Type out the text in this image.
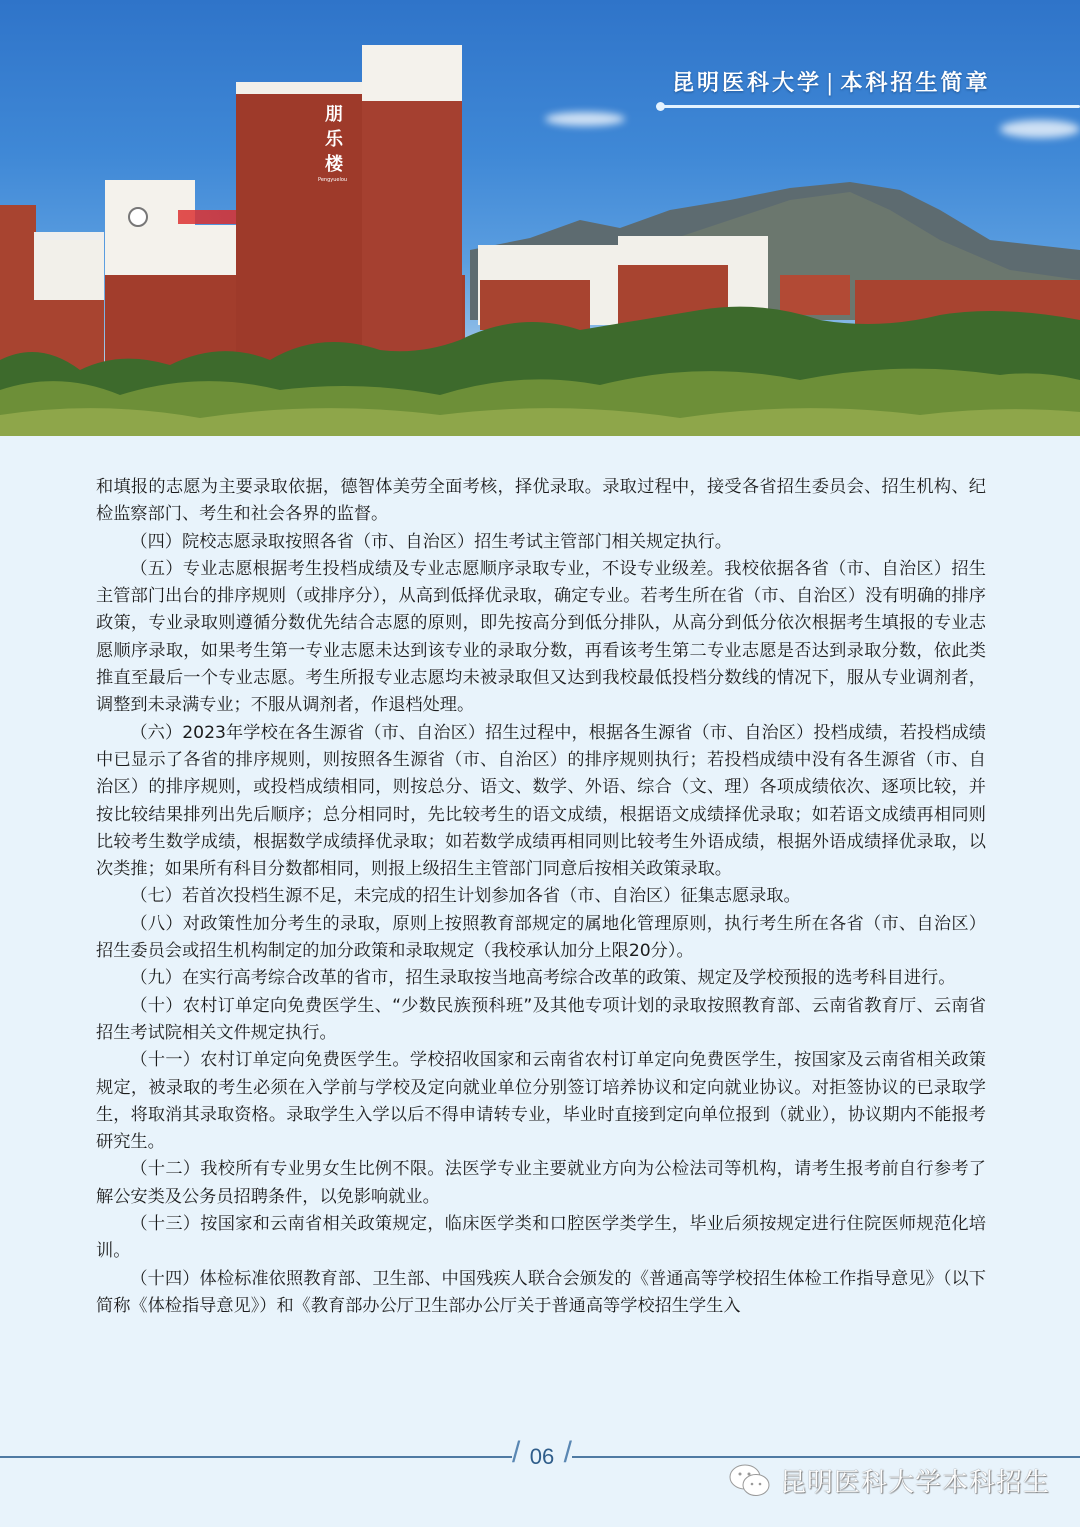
朋
乐
楼
Pengyuelou
昆明医科大学 | 本科招生简章

和填报的志愿为主要录取依据，德智体美劳全面考核，择优录取。录取过程中，接受各省招生委员会、招生机构、纪检监察部门、考生和社会各界的监督。

（四）院校志愿录取按照各省（市、自治区）招生考试主管部门相关规定执行。

（五）专业志愿根据考生投档成绩及专业志愿顺序录取专业，不设专业级差。我校依据各省（市、自治区）招生主管部门出台的排序规则（或排序分），从高到低择优录取，确定专业。若考生所在省（市、自治区）没有明确的排序政策，专业录取则遵循分数优先结合志愿的原则，即先按高分到低分排队，从高分到低分依次根据考生填报的专业志愿顺序录取，如果考生第一专业志愿未达到该专业的录取分数，再看该考生第二专业志愿是否达到录取分数，依此类推直至最后一个专业志愿。考生所报专业志愿均未被录取但又达到我校最低投档分数线的情况下，服从专业调剂者，调整到未录满专业；不服从调剂者，作退档处理。

（六）2023年学校在各生源省（市、自治区）招生过程中，根据各生源省（市、自治区）投档成绩，若投档成绩中已显示了各省的排序规则，则按照各生源省（市、自治区）的排序规则执行；若投档成绩中没有各生源省（市、自治区）的排序规则，或投档成绩相同，则按总分、语文、数学、外语、综合（文、理）各项成绩依次、逐项比较，并按比较结果排列出先后顺序；总分相同时，先比较考生的语文成绩，根据语文成绩择优录取；如若语文成绩再相同则比较考生数学成绩，根据数学成绩择优录取；如若数学成绩再相同则比较考生外语成绩，根据外语成绩择优录取，以次类推；如果所有科目分数都相同，则报上级招生主管部门同意后按相关政策录取。

（七）若首次投档生源不足，未完成的招生计划参加各省（市、自治区）征集志愿录取。

（八）对政策性加分考生的录取，原则上按照教育部规定的属地化管理原则，执行考生所在各省（市、自治区）招生委员会或招生机构制定的加分政策和录取规定（我校承认加分上限20分）。

（九）在实行高考综合改革的省市，招生录取按当地高考综合改革的政策、规定及学校预报的选考科目进行。

（十）农村订单定向免费医学生、“少数民族预科班”及其他专项计划的录取按照教育部、云南省教育厅、云南省招生考试院相关文件规定执行。

（十一）农村订单定向免费医学生。学校招收国家和云南省农村订单定向免费医学生，按国家及云南省相关政策规定，被录取的考生必须在入学前与学校及定向就业单位分别签订培养协议和定向就业协议。对拒签协议的已录取学生，将取消其录取资格。录取学生入学以后不得申请转专业，毕业时直接到定向单位报到（就业），协议期内不能报考研究生。

（十二）我校所有专业男女生比例不限。法医学专业主要就业方向为公检法司等机构，请考生报考前自行参考了解公安类及公务员招聘条件，以免影响就业。

（十三）按国家和云南省相关政策规定，临床医学类和口腔医学类学生，毕业后须按规定进行住院医师规范化培训。

（十四）体检标准依照教育部、卫生部、中国残疾人联合会颁发的《普通高等学校招生体检工作指导意见》（以下简称《体检指导意见》）和《教育部办公厅卫生部办公厅关于普通高等学校招生学生入

/ 06 /
昆明医科大学本科招生
